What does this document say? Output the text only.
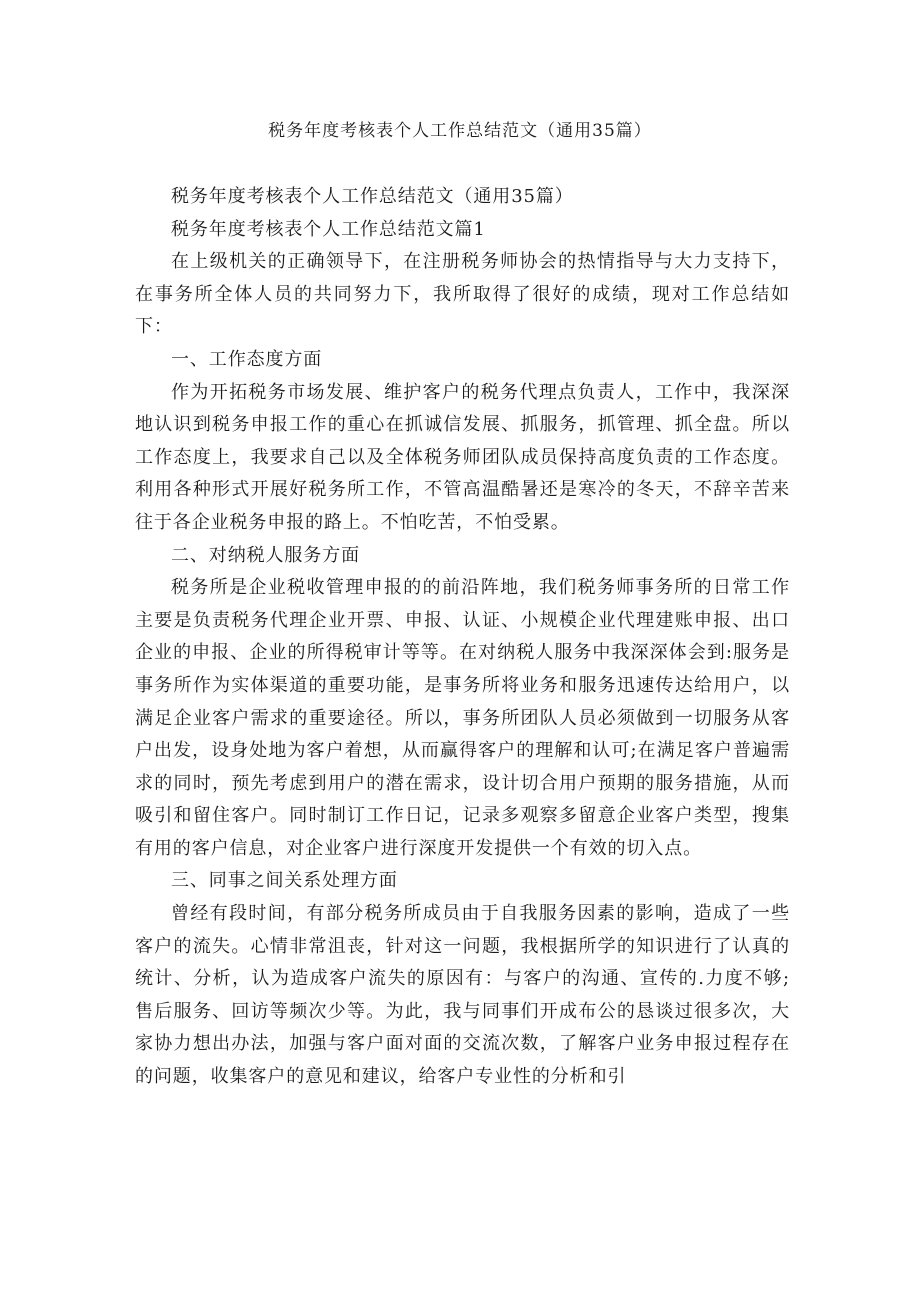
税务年度考核表个人工作总结范文（通用35篇）

税务年度考核表个人工作总结范文（通用35篇）

税务年度考核表个人工作总结范文篇1

在上级机关的正确领导下，在注册税务师协会的热情指导与大力支持下，在事务所全体人员的共同努力下，我所取得了很好的成绩，现对工作总结如下：

一、工作态度方面

作为开拓税务市场发展、维护客户的税务代理点负责人，工作中，我深深地认识到税务申报工作的重心在抓诚信发展、抓服务，抓管理、抓全盘。所以工作态度上，我要求自己以及全体税务师团队成员保持高度负责的工作态度。利用各种形式开展好税务所工作，不管高温酷暑还是寒冷的冬天，不辞辛苦来往于各企业税务申报的路上。不怕吃苦，不怕受累。

二、对纳税人服务方面

税务所是企业税收管理申报的的前沿阵地，我们税务师事务所的日常工作主要是负责税务代理企业开票、申报、认证、小规模企业代理建账申报、出口企业的申报、企业的所得税审计等等。在对纳税人服务中我深深体会到:服务是事务所作为实体渠道的重要功能，是事务所将业务和服务迅速传达给用户，以满足企业客户需求的重要途径。所以，事务所团队人员必须做到一切服务从客户出发，设身处地为客户着想，从而赢得客户的理解和认可;在满足客户普遍需求的同时，预先考虑到用户的潜在需求，设计切合用户预期的服务措施，从而吸引和留住客户。同时制订工作日记，记录多观察多留意企业客户类型，搜集有用的客户信息，对企业客户进行深度开发提供一个有效的切入点。

三、同事之间关系处理方面

曾经有段时间，有部分税务所成员由于自我服务因素的影响，造成了一些客户的流失。心情非常沮丧，针对这一问题，我根据所学的知识进行了认真的统计、分析，认为造成客户流失的原因有：与客户的沟通、宣传的.力度不够;售后服务、回访等频次少等。为此，我与同事们开成布公的恳谈过很多次，大家协力想出办法，加强与客户面对面的交流次数，了解客户业务申报过程存在的问题，收集客户的意见和建议，给客户专业性的分析和引
